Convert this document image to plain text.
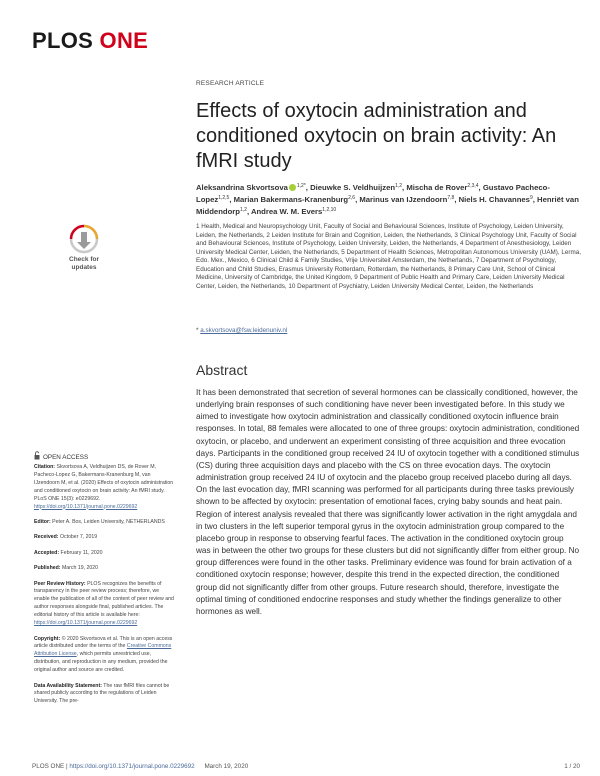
PLOS ONE
RESEARCH ARTICLE
Effects of oxytocin administration and conditioned oxytocin on brain activity: An fMRI study
Aleksandrina Skvortsova $^{1,2*}$, Dieuwke S. Veldhuijzen$^{1,2}$, Mischa de Rover$^{2,3,4}$, Gustavo Pacheco-Lopez$^{1,2,5}$, Marian Bakermans-Kranenburg$^{2,6}$, Marinus van IJzendoorn$^{7,8}$, Niels H. Chavannes$^9$, Henriët van Middendorp$^{1,2}$, Andrea W. M. Evers$^{1,2,10}$
1 Health, Medical and Neuropsychology Unit, Faculty of Social and Behavioural Sciences, Institute of Psychology, Leiden University, Leiden, the Netherlands, 2 Leiden Institute for Brain and Cognition, Leiden, the Netherlands, 3 Clinical Psychology Unit, Faculty of Social and Behavioural Sciences, Institute of Psychology, Leiden University, Leiden, the Netherlands, 4 Department of Anesthesiology, Leiden University Medical Center, Leiden, the Netherlands, 5 Department of Health Sciences, Metropolitan Autonomous University (UAM), Lerma, Edo. Mex., Mexico, 6 Clinical Child & Family Studies, Vrije Universiteit Amsterdam, the Netherlands, 7 Department of Psychology, Education and Child Studies, Erasmus University Rotterdam, Rotterdam, the Netherlands, 8 Primary Care Unit, School of Clinical Medicine, University of Cambridge, the United Kingdom, 9 Department of Public Health and Primary Care, Leiden University Medical Center, Leiden, the Netherlands, 10 Department of Psychiatry, Leiden University Medical Center, Leiden, the Netherlands
* a.skvortsova@fsw.leidenuniv.nl
Abstract
It has been demonstrated that secretion of several hormones can be classically conditioned, however, the underlying brain responses of such conditioning have never been investigated before. In this study we aimed to investigate how oxytocin administration and classically conditioned oxytocin influence brain responses. In total, 88 females were allocated to one of three groups: oxytocin administration, conditioned oxytocin, or placebo, and underwent an experiment consisting of three acquisition and three evocation days. Participants in the conditioned group received 24 IU of oxytocin together with a conditioned stimulus (CS) during three acquisition days and placebo with the CS on three evocation days. The oxytocin administration group received 24 IU of oxytocin and the placebo group received placebo during all days. On the last evocation day, fMRI scanning was performed for all participants during three tasks previously shown to be affected by oxytocin: presentation of emotional faces, crying baby sounds and heat pain. Region of interest analysis revealed that there was significantly lower activation in the right amygdala and in two clusters in the left superior temporal gyrus in the oxytocin administration group compared to the placebo group in response to observing fearful faces. The activation in the conditioned oxytocin group was in between the other two groups for these clusters but did not significantly differ from either group. No group differences were found in the other tasks. Preliminary evidence was found for brain activation of a conditioned oxytocin response; however, despite this trend in the expected direction, the conditioned group did not significantly differ from other groups. Future research should, therefore, investigate the optimal timing of conditioned endocrine responses and study whether the findings generalize to other hormones as well.
Check for
updates
OPEN ACCESS

Citation: Skvortsova A, Veldhuijzen DS, de Rover M, Pacheco-Lopez G, Bakermans-Kranenburg M, van IJzendoorn M, et al. (2020) Effects of oxytocin administration and conditioned oxytocin on brain activity: An fMRI study. PLoS ONE 15(3): e0229692. https://doi.org/10.1371/journal.pone.0229692

Editor: Peter A. Bos, Leiden University, NETHERLANDS

Received: October 7, 2019

Accepted: February 11, 2020

Published: March 19, 2020

Peer Review History: PLOS recognizes the benefits of transparency in the peer review process; therefore, we enable the publication of all of the content of peer review and author responses alongside final, published articles. The editorial history of this article is available here: https://doi.org/10.1371/journal.pone.0229692

Copyright: © 2020 Skvortsova et al. This is an open access article distributed under the terms of the Creative Commons Attribution License, which permits unrestricted use, distribution, and reproduction in any medium, provided the original author and source are credited.

Data Availability Statement: The raw fMRI files cannot be shared publicly according to the regulations of Leiden University. The pre-

PLOS ONE | https://doi.org/10.1371/journal.pone.0229692 March 19, 2020	1 / 20
